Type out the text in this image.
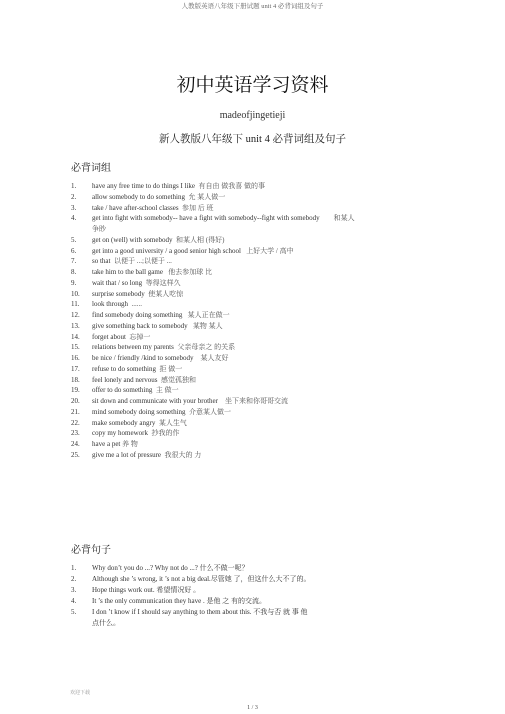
人教版英语八年级下册试题 unit 4 必背词组及句子
初中英语学习资料
madeofjingetieji
新人教版八年级下 unit 4 必背词组及句子
必背词组
1.	have any free time to do things I like 有自由 做我喜 做的事
2.	allow somebody to do something 允 某人做一
3.	take / have after-school classes 参加 后 班
4.	get into fight with somebody-- have a fight with somebody--fight with somebody 和某人
争眇
5.	get on (well) with somebody 和某人相 (得好)
6.	get into a good university / a good senior high school 上好大学 / 高中
7.	so that 以便于 ...;以便于 ...
8.	take him to the ball game 他去参加球 比
9.	wait that / so long 等得这样久
10.	surprise somebody 使某人吃惊
11.	look through ......
12.	find somebody doing something 某人正在做一
13.	give something back to somebody 某物 某人
14.	forget about 忘掉一
15.	relations between my parents 父亲母亲之 的关系
16.	be nice / friendly /kind to somebody 某人友好
17.	refuse to do something 拒 做一
18.	feel lonely and nervous 感觉孤独和
19.	offer to do something 主 做一
20.	sit down and communicate with your brother 坐下来和你哥哥交流
21.	mind somebody doing something 介意某人做一
22.	make somebody angry 某人生气
23.	copy my homework 抄我的作
24.	have a pet 养 物
25.	give me a lot of pressure 我很大的 力
必背句子
1.	Why don’t you do ...? Why not do ...? 什么不做一呢？
2.	Although she ’s wrong, it ’s not a big deal.尽管她 了，但这什么大不了的。
3.	Hope things work out. 希望情况好 。
4.	It ’s the only communication they have . 是他 之 有的交流。
5.	I don ’t know if I should say anything to them about this. 不我与否 就 事 他
点什么。
欢迎下载
1 / 3
